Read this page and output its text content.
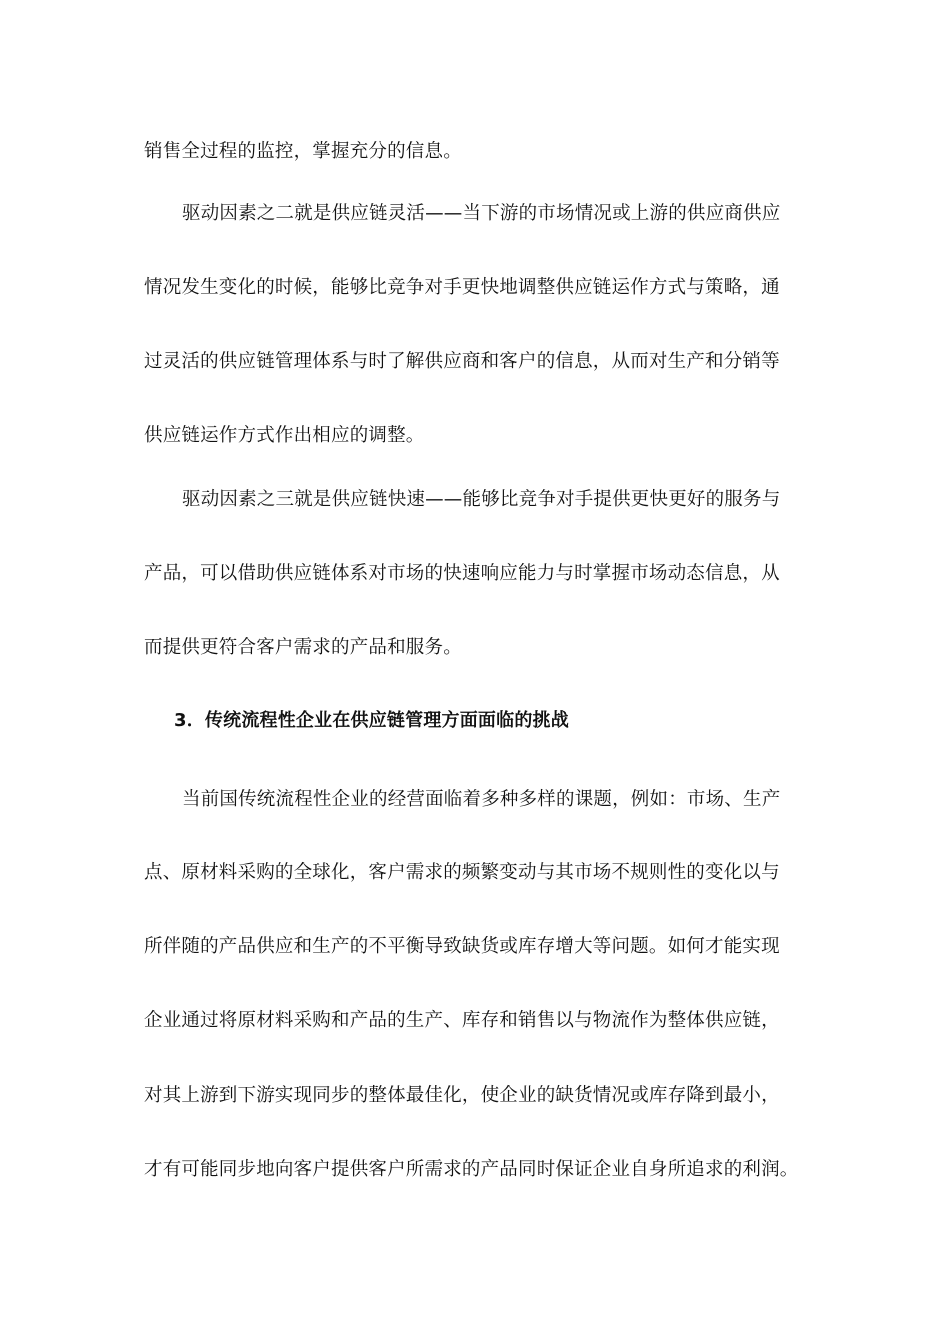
销售全过程的监控，掌握充分的信息。
驱动因素之二就是供应链灵活——当下游的市场情况或上游的供应商供应
情况发生变化的时候，能够比竞争对手更快地调整供应链运作方式与策略，通
过灵活的供应链管理体系与时了解供应商和客户的信息，从而对生产和分销等
供应链运作方式作出相应的调整。
驱动因素之三就是供应链快速——能够比竞争对手提供更快更好的服务与
产品，可以借助供应链体系对市场的快速响应能力与时掌握市场动态信息，从
而提供更符合客户需求的产品和服务。
3．传统流程性企业在供应链管理方面面临的挑战
当前国传统流程性企业的经营面临着多种多样的课题，例如：市场、生产
点、原材料采购的全球化，客户需求的频繁变动与其市场不规则性的变化以与
所伴随的产品供应和生产的不平衡导致缺货或库存增大等问题。如何才能实现
企业通过将原材料采购和产品的生产、库存和销售以与物流作为整体供应链，
对其上游到下游实现同步的整体最佳化，使企业的缺货情况或库存降到最小，
才有可能同步地向客户提供客户所需求的产品同时保证企业自身所追求的利润。
